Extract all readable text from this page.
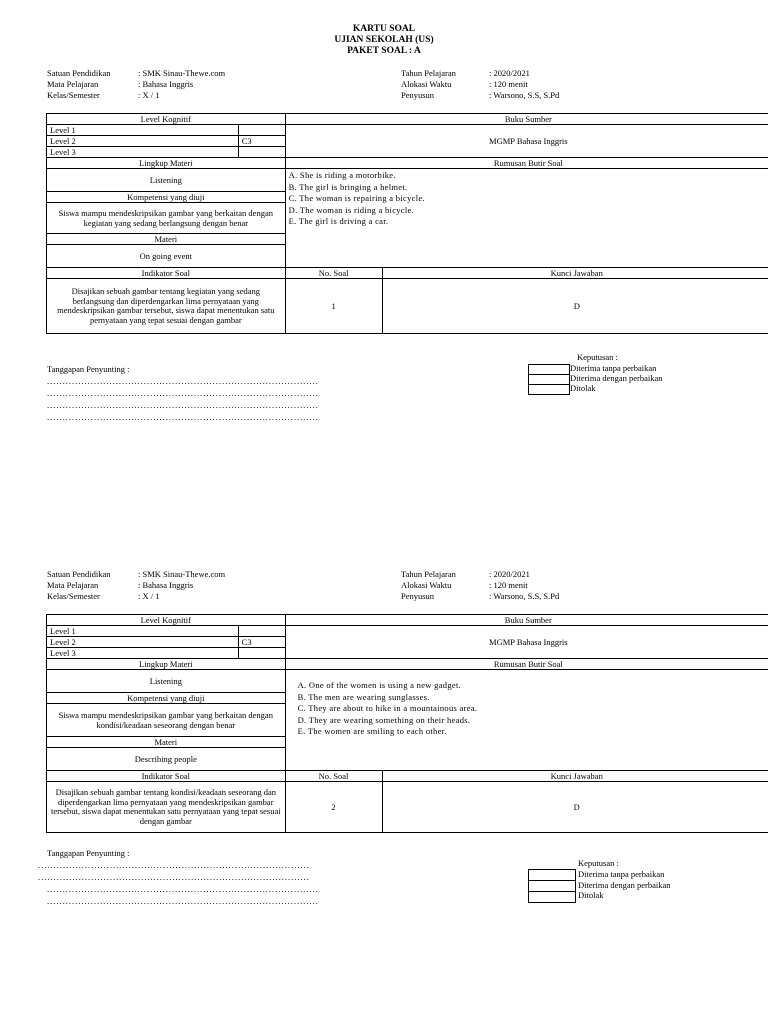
KARTU SOAL
UJIAN SEKOLAH (US)
PAKET SOAL : A
Satuan Pendidikan	: SMK Sinau-Thewe.com
Mata Pelajaran	: Bahasa Inggris
Kelas/Semester	: X / 1
Tahun Pelajaran	: 2020/2021
Alokasi Waktu	: 120 menit
Penyusun	: Warsono, S.S, S.Pd
Level Kognitif		Buku Sumber	
Level 1		MGMP Bahasa Inggris	
Level 2	C3		
Level 3			
Lingkup Materi		Rumusan Butir Soal	
Listening		A. She is riding a motorbike.
B. The girl is bringing a helmet.
C. The woman is repairing a bicycle.
D. The woman is riding a bicycle.
E. The girl is driving a car.	

Kompetensi yang diuji			
Siswa mampu mendeskripsikan gambar yang berkaitan dengan kegiatan yang sedang berlangsung dengan benar			
Materi			
On going event			
Indikator Soal		No. Soal	Kunci Jawaban
Disajikan sebuah gambar tentang kegiatan yang sedang berlangsung dan diperdengarkan lima pernyataan yang mendeskripsikan gambar tersebut, siswa dapat menentukan satu pernyataan yang tepat sesuai dengan gambar		1	D
Tanggapan Penyunting :
.......................................................................................
.......................................................................................
.......................................................................................
.......................................................................................
Keputusan :
Diterima tanpa perbaikan
Diterima dengan perbaikan
Ditolak
Satuan Pendidikan	: SMK Sinau-Thewe.com
Mata Pelajaran	: Bahasa Inggris
Kelas/Semester	: X / 1
Tahun Pelajaran	: 2020/2021
Alokasi Waktu	: 120 menit
Penyusun	: Warsono, S.S, S.Pd
Level Kognitif		Buku Sumber	
Level 1		MGMP Bahasa Inggris	
Level 2	C3		
Level 3			
Lingkup Materi		Rumusan Butir Soal	
Listening		A. One of the women is using a new gadget.
B. The men are wearing sunglasses.
C. They are about to hike in a mountainous area.
D. They are wearing something on their heads.
E. The women are smiling to each other.	

Kompetensi yang diuji			
Siswa mampu mendeskripsikan gambar yang berkaitan dengan kondisi/keadaan seseorang dengan benar			
Materi			
Describing people			
Indikator Soal		No. Soal	Kunci Jawaban
Disajikan sebuah gambar tentang kondisi/keadaan seseorang dan diperdengarkan lima pernyataan yang mendeskripsikan gambar tersebut, siswa dapat menentukan satu pernyataan yang tepat sesuai dengan gambar		2	D
Tanggapan Penyunting :
.......................................................................................
.......................................................................................
.......................................................................................
.......................................................................................
Keputusan :
Diterima tanpa perbaikan
Diterima dengan perbaikan
Ditolak
